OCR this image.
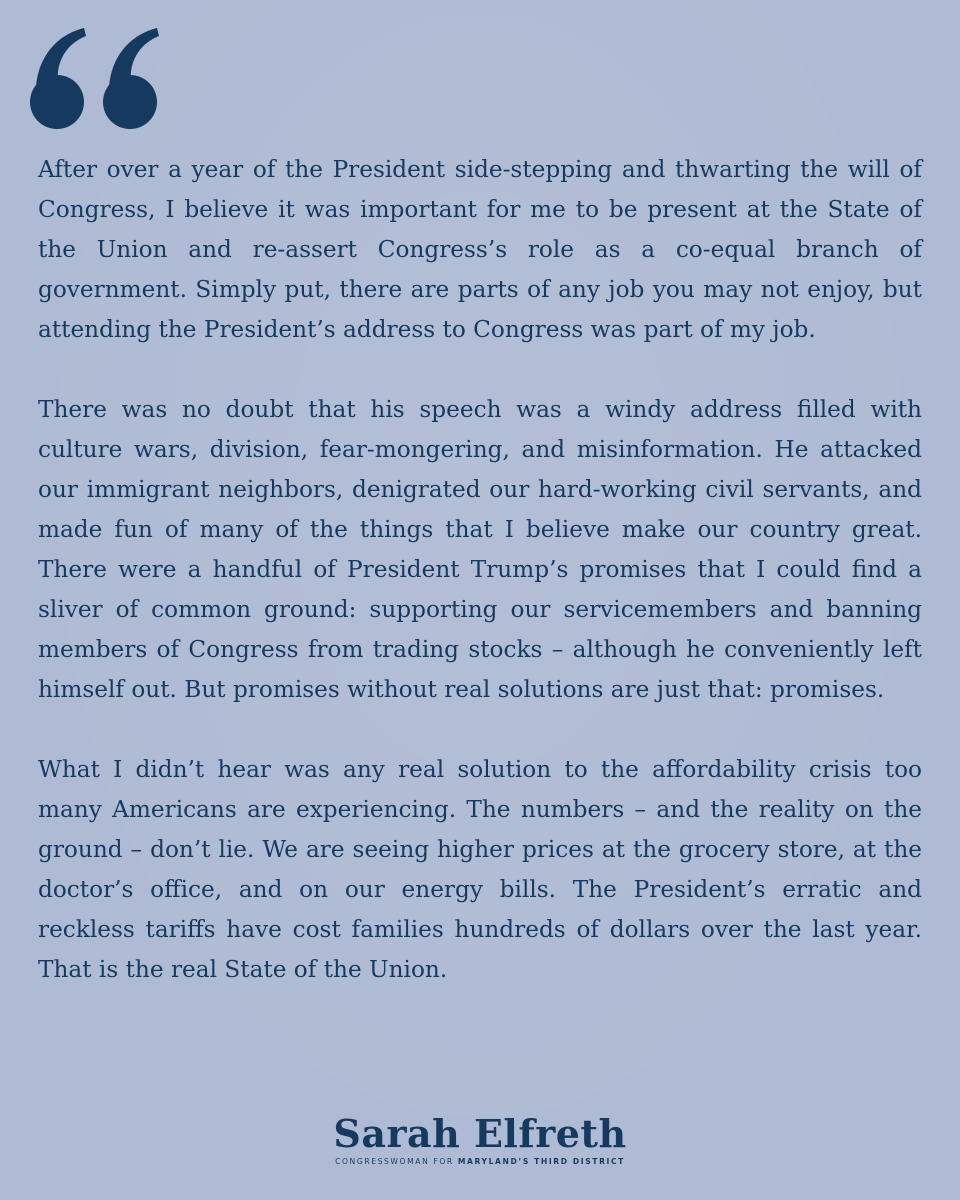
After over a year of the President side-stepping and thwarting the will of Congress, I believe it was important for me to be present at the State of the Union and re-assert Congress’s role as a co-equal branch of government. Simply put, there are parts of any job you may not enjoy, but attending the President’s address to Congress was part of my job.

There was no doubt that his speech was a windy address filled with culture wars, division, fear-mongering, and misinformation. He attacked our immigrant neighbors, denigrated our hard-working civil servants, and made fun of many of the things that I believe make our country great. There were a handful of President Trump’s promises that I could find a sliver of common ground: supporting our servicemembers and banning members of Congress from trading stocks – although he conveniently left himself out. But promises without real solutions are just that: promises.

What I didn’t hear was any real solution to the affordability crisis too many Americans are experiencing. The numbers – and the reality on the ground – don’t lie. We are seeing higher prices at the grocery store, at the doctor’s office, and on our energy bills. The President’s erratic and reckless tariffs have cost families hundreds of dollars over the last year. That is the real State of the Union.

Sarah Elfreth
CONGRESSWOMAN FOR MARYLAND’S THIRD DISTRICT
